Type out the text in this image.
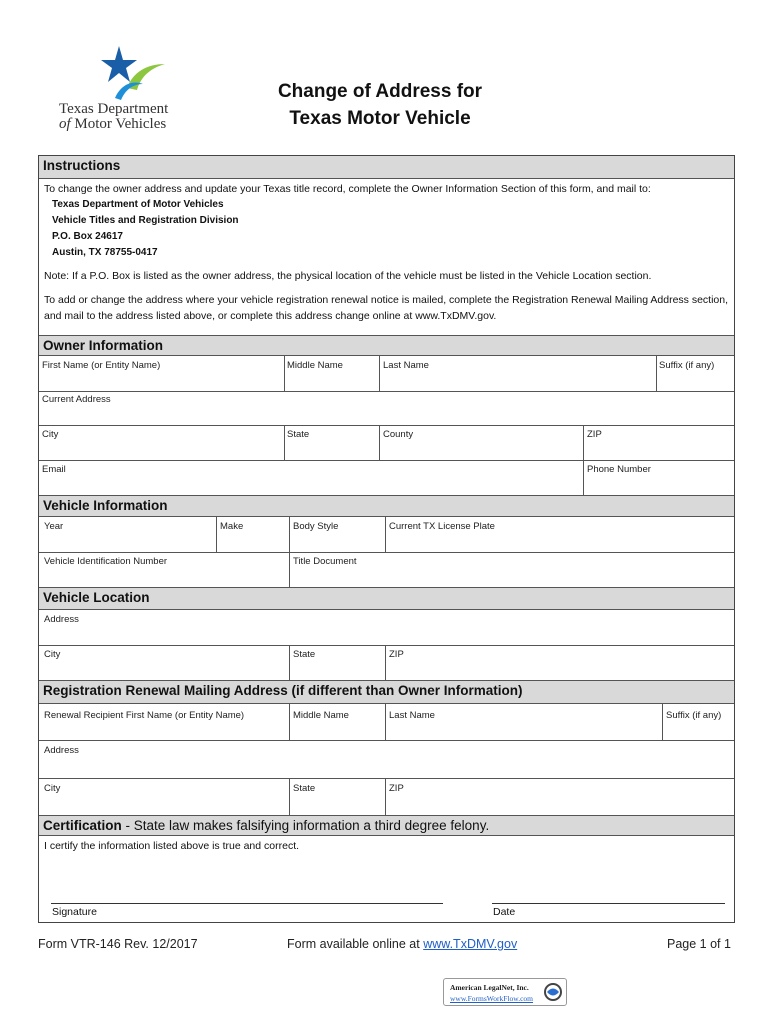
Texas Department
of Motor Vehicles
Change of Address for
Texas Motor Vehicle
Instructions
To change the owner address and update your Texas title record, complete the Owner Information Section of this form, and mail to:
Texas Department of Motor Vehicles
Vehicle Titles and Registration Division
P.O. Box 24617
Austin, TX 78755-0417
Note: If a P.O. Box is listed as the owner address, the physical location of the vehicle must be listed in the Vehicle Location section.
To add or change the address where your vehicle registration renewal notice is mailed, complete the Registration Renewal Mailing Address section, and mail to the address listed above, or complete this address change online at www.TxDMV.gov.
Owner Information
First Name (or Entity Name)	Middle Name	Last Name	Suffix (if any)
Current Address
City	State	County	ZIP
Email	Phone Number
Vehicle Information
Year	Make	Body Style	Current TX License Plate
Vehicle Identification Number	Title Document
Vehicle Location
Address
City	State	ZIP
Registration Renewal Mailing Address (if different than Owner Information)
Renewal Recipient First Name (or Entity Name)	Middle Name	Last Name	Suffix (if any)
Address
City	State	ZIP
Certification - State law makes falsifying information a third degree felony.
I certify the information listed above is true and correct.
Signature	Date
Form VTR-146 Rev. 12/2017	Form available online at www.TxDMV.gov	Page 1 of 1
American LegalNet, Inc.
www.FormsWorkFlow.com
